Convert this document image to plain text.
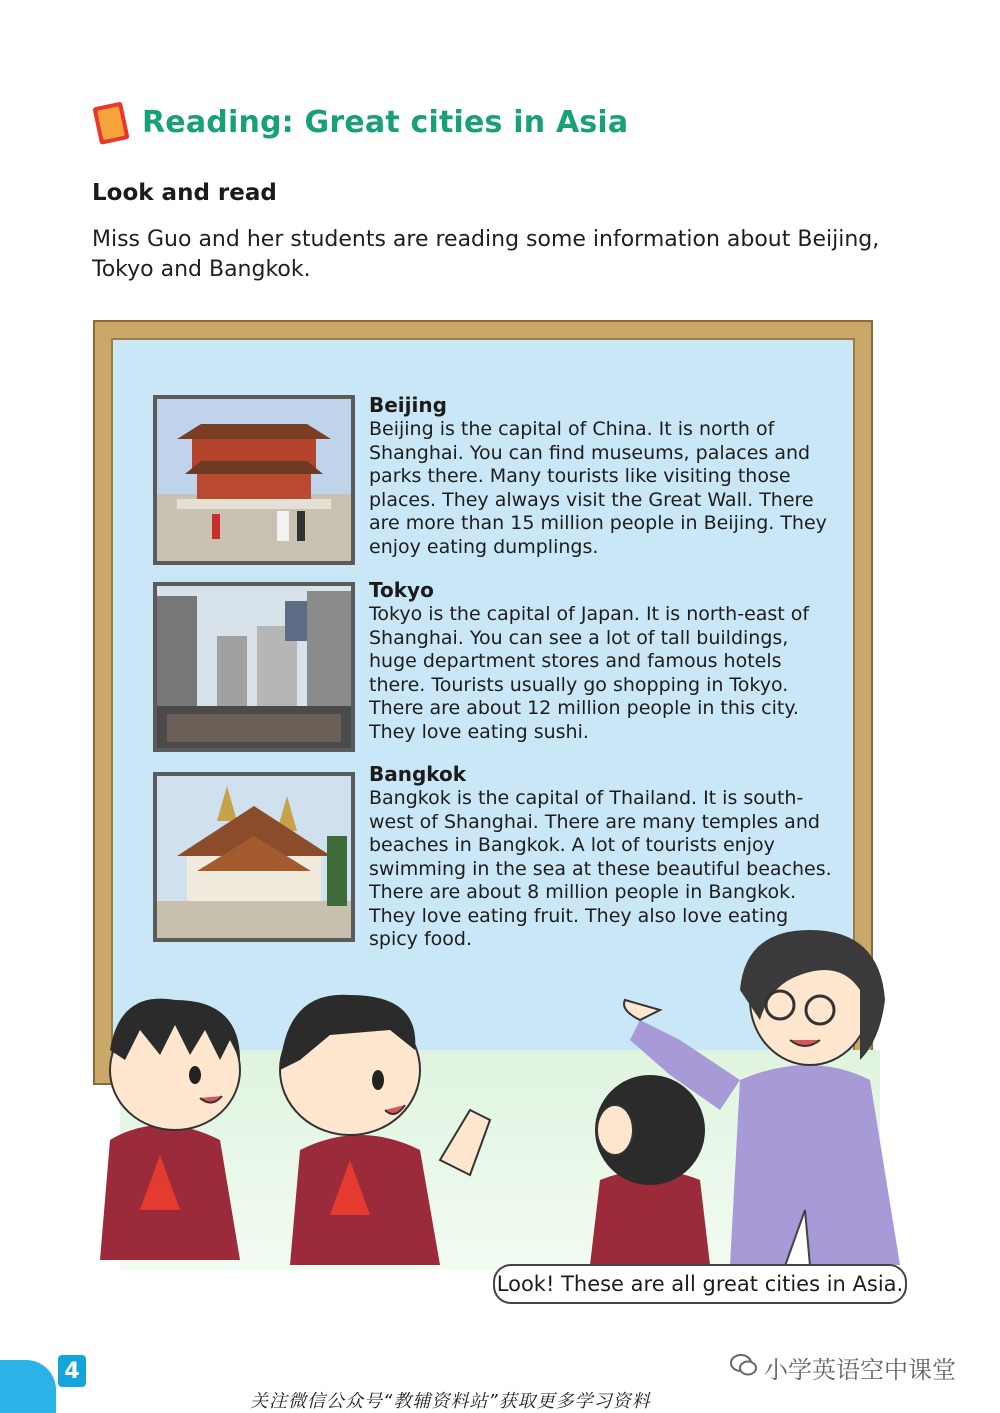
Reading: Great cities in Asia
Look and read
Miss Guo and her students are reading some information about Beijing, Tokyo and Bangkok.
Beijing
Beijing is the capital of China. It is north of Shanghai. You can find museums, palaces and parks there. Many tourists like visiting those places. They always visit the Great Wall. There are more than 15 million people in Beijing. They enjoy eating dumplings.
Tokyo
Tokyo is the capital of Japan. It is north-east of Shanghai. You can see a lot of tall buildings, huge department stores and famous hotels there. Tourists usually go shopping in Tokyo. There are about 12 million people in this city. They love eating sushi.
Bangkok
Bangkok is the capital of Thailand. It is south-west of Shanghai. There are many temples and beaches in Bangkok. A lot of tourists enjoy swimming in the sea at these beautiful beaches. There are about 8 million people in Bangkok. They love eating fruit. They also love eating spicy food.
Look! These are all great cities in Asia.
4	小学英语空中课堂
关注微信公众号“教辅资料站”获取更多学习资料
